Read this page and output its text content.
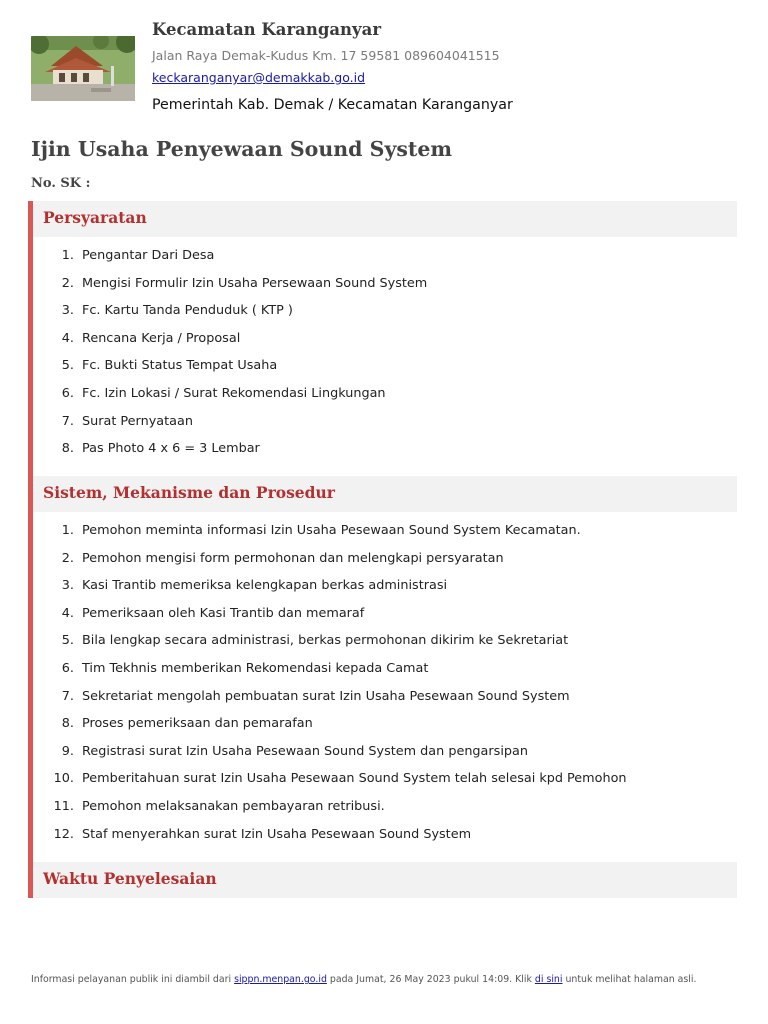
Kecamatan Karanganyar
Jalan Raya Demak-Kudus Km. 17 59581 089604041515
keckaranganyar@demakkab.go.id
Pemerintah Kab. Demak / Kecamatan Karanganyar
Ijin Usaha Penyewaan Sound System
No. SK :
Persyaratan
1. Pengantar Dari Desa
2. Mengisi Formulir Izin Usaha Persewaan Sound System
3. Fc. Kartu Tanda Penduduk ( KTP )
4. Rencana Kerja / Proposal
5. Fc. Bukti Status Tempat Usaha
6. Fc. Izin Lokasi / Surat Rekomendasi Lingkungan
7. Surat Pernyataan
8. Pas Photo 4 x 6 = 3 Lembar
Sistem, Mekanisme dan Prosedur
1. Pemohon meminta informasi Izin Usaha Pesewaan Sound System Kecamatan.
2. Pemohon mengisi form permohonan dan melengkapi persyaratan
3. Kasi Trantib memeriksa kelengkapan berkas administrasi
4. Pemeriksaan oleh Kasi Trantib dan memaraf
5. Bila lengkap secara administrasi, berkas permohonan dikirim ke Sekretariat
6. Tim Tekhnis memberikan Rekomendasi kepada Camat
7. Sekretariat mengolah pembuatan surat Izin Usaha Pesewaan Sound System
8. Proses pemeriksaan dan pemarafan
9. Registrasi surat Izin Usaha Pesewaan Sound System dan pengarsipan
10. Pemberitahuan surat Izin Usaha Pesewaan Sound System telah selesai kpd Pemohon
11. Pemohon melaksanakan pembayaran retribusi.
12. Staf menyerahkan surat Izin Usaha Pesewaan Sound System
Waktu Penyelesaian
Informasi pelayanan publik ini diambil dari sippn.menpan.go.id pada Jumat, 26 May 2023 pukul 14:09. Klik di sini untuk melihat halaman asli.
